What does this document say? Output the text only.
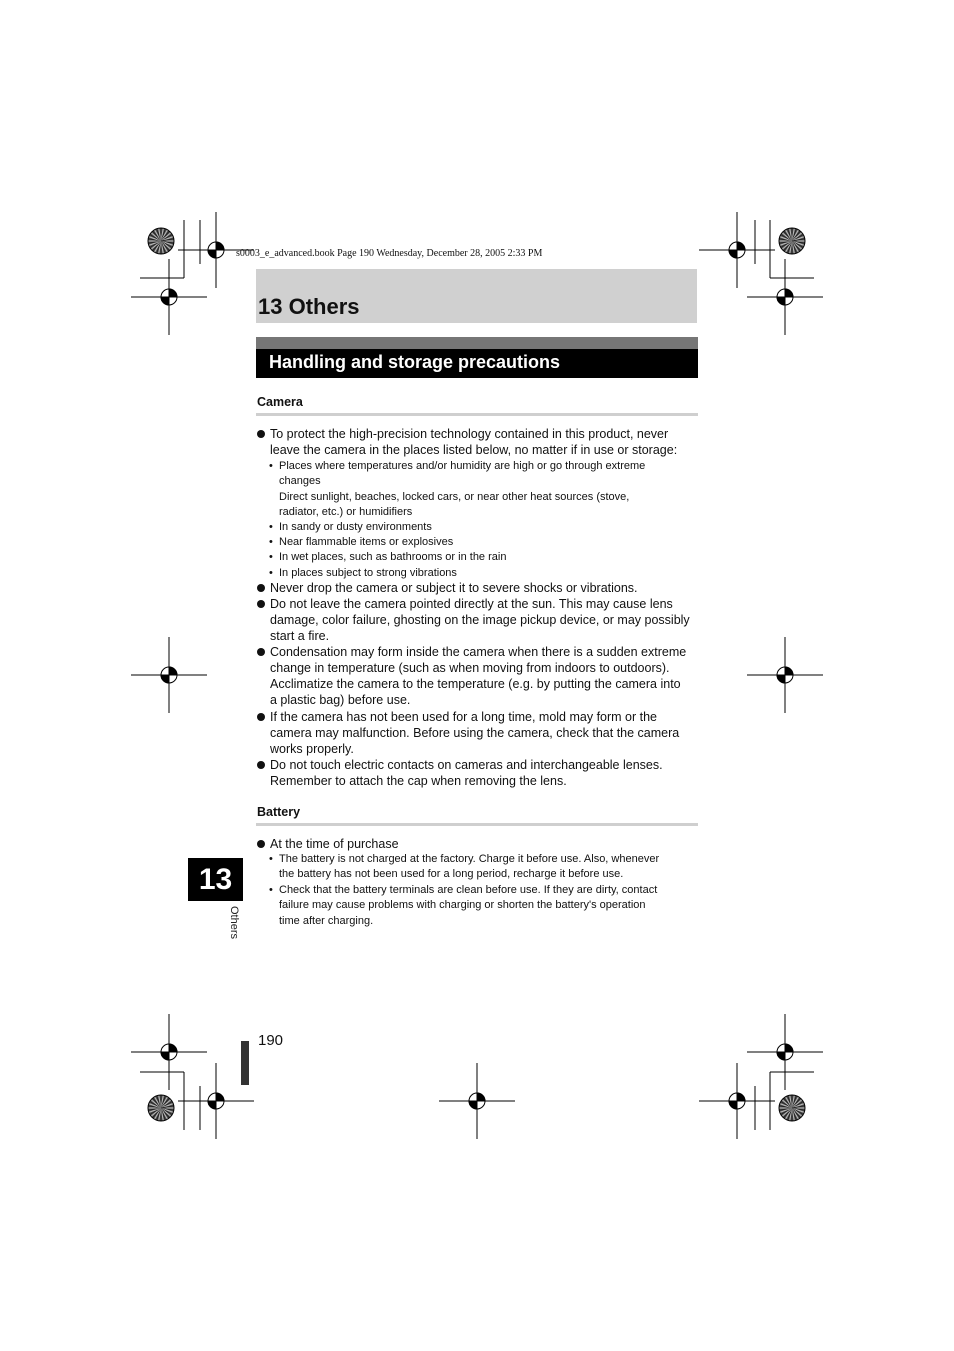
s0003_e_advanced.book Page 190 Wednesday, December 28, 2005 2:33 PM
13 Others
Handling and storage precautions
Camera
To protect the high-precision technology contained in this product, never
leave the camera in the places listed below, no matter if in use or storage:
• Places where temperatures and/or humidity are high or go through extreme
changes
Direct sunlight, beaches, locked cars, or near other heat sources (stove,
radiator, etc.) or humidifiers
• In sandy or dusty environments
• Near flammable items or explosives
• In wet places, such as bathrooms or in the rain
• In places subject to strong vibrations
Never drop the camera or subject it to severe shocks or vibrations.
Do not leave the camera pointed directly at the sun. This may cause lens
damage, color failure, ghosting on the image pickup device, or may possibly
start a fire.
Condensation may form inside the camera when there is a sudden extreme
change in temperature (such as when moving from indoors to outdoors).
Acclimatize the camera to the temperature (e.g. by putting the camera into
a plastic bag) before use.
If the camera has not been used for a long time, mold may form or the
camera may malfunction. Before using the camera, check that the camera
works properly.
Do not touch electric contacts on cameras and interchangeable lenses.
Remember to attach the cap when removing the lens.
Battery
At the time of purchase
• The battery is not charged at the factory. Charge it before use. Also, whenever
the battery has not been used for a long period, recharge it before use.
• Check that the battery terminals are clean before use. If they are dirty, contact
failure may cause problems with charging or shorten the battery's operation
time after charging.
13
Others
190
